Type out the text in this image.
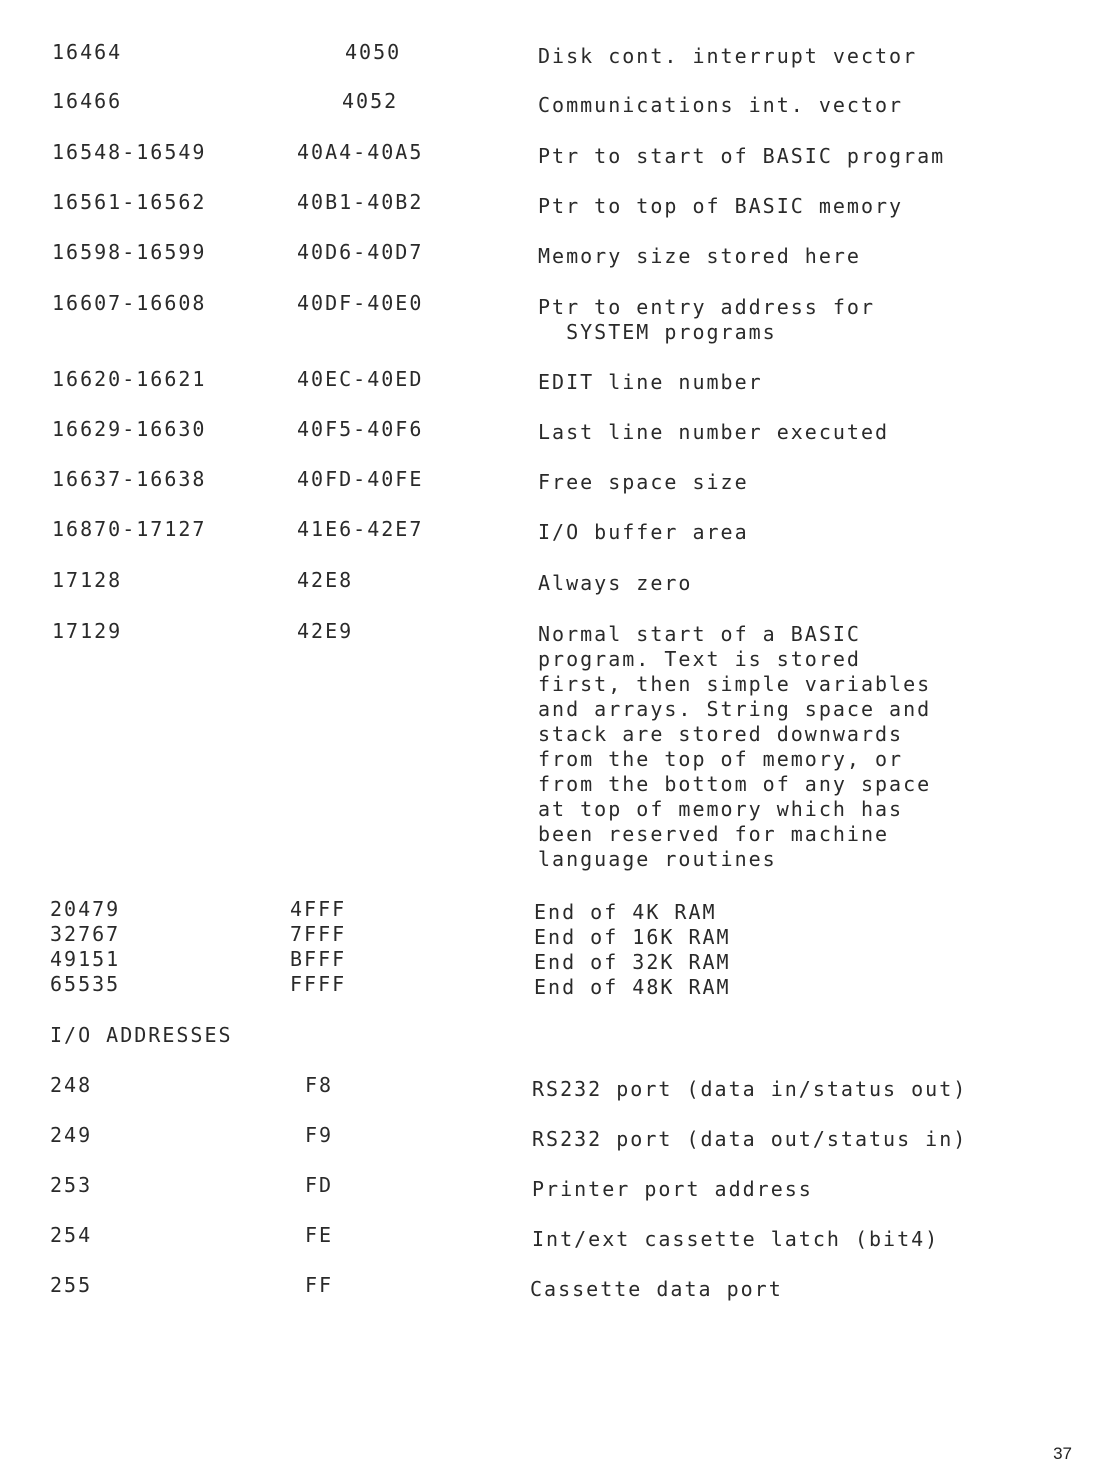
16464	4050	Disk cont. interrupt vector
16466	4052	Communications int. vector
16548-16549	40A4-40A5	Ptr to start of BASIC program
16561-16562	40B1-40B2	Ptr to top of BASIC memory
16598-16599	40D6-40D7	Memory size stored here
16607-16608	40DF-40E0	Ptr to entry address for
SYSTEM programs
16620-16621	40EC-40ED	EDIT line number
16629-16630	40F5-40F6	Last line number executed
16637-16638	40FD-40FE	Free space size
16870-17127	41E6-42E7	I/O buffer area
17128	42E8	Always zero
17129	42E9	Normal start of a BASIC
program. Text is stored
first, then simple variables
and arrays. String space and
stack are stored downwards
from the top of memory, or
from the bottom of any space
at top of memory which has
been reserved for machine
language routines
20479	4FFF	End of 4K RAM
32767	7FFF	End of 16K RAM
49151	BFFF	End of 32K RAM
65535	FFFF	End of 48K RAM
I/O ADDRESSES
248	F8	RS232 port (data in/status out)
249	F9	RS232 port (data out/status in)
253	FD	Printer port address
254	FE	Int/ext cassette latch (bit4)
255	FF	Cassette data port
37
